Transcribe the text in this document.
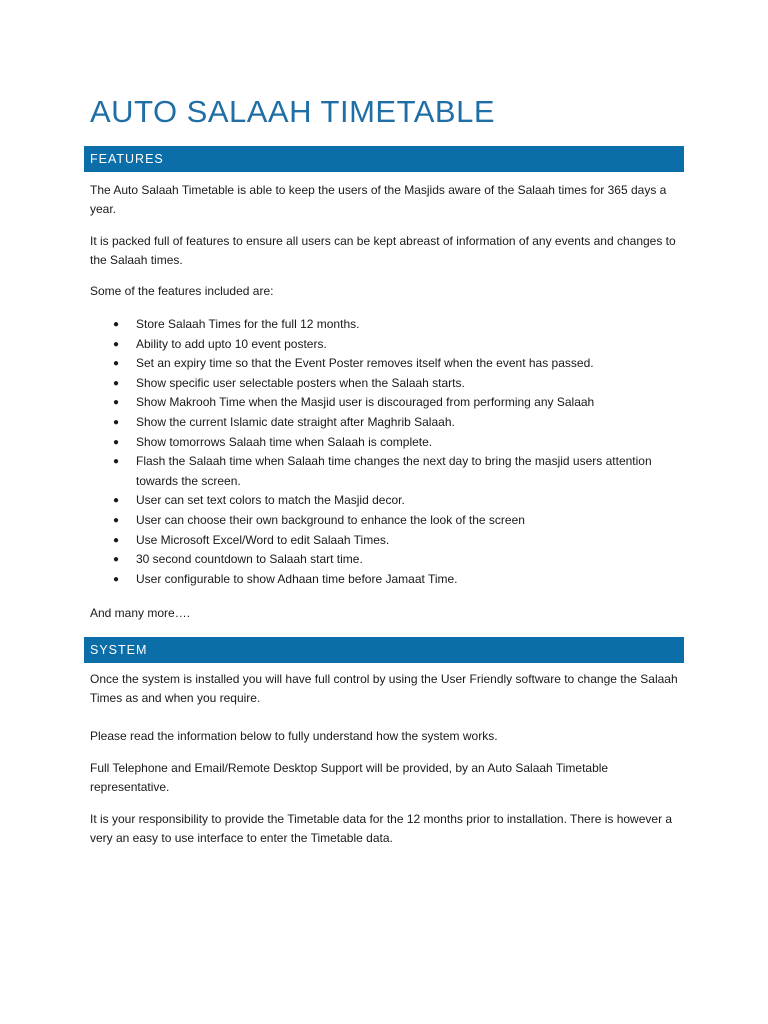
AUTO SALAAH TIMETABLE
FEATURES

The Auto Salaah Timetable is able to keep the users of the Masjids aware of the Salaah times for 365 days a year.

It is packed full of features to ensure all users can be kept abreast of information of any events and changes to the Salaah times.

Some of the features included are:

● Store Salaah Times for the full 12 months.
● Ability to add upto 10 event posters.
● Set an expiry time so that the Event Poster removes itself when the event has passed.
● Show specific user selectable posters when the Salaah starts.
● Show Makrooh Time when the Masjid user is discouraged from performing any Salaah
● Show the current Islamic date straight after Maghrib Salaah.
● Show tomorrows Salaah time when Salaah is complete.
● Flash the Salaah time when Salaah time changes the next day to bring the masjid users attention towards the screen.
● User can set text colors to match the Masjid decor.
● User can choose their own background to enhance the look of the screen
● Use Microsoft Excel/Word to edit Salaah Times.
● 30 second countdown to Salaah start time.
● User configurable to show Adhaan time before Jamaat Time.

And many more….

SYSTEM

Once the system is installed you will have full control by using the User Friendly software to change the Salaah Times as and when you require.

Please read the information below to fully understand how the system works.

Full Telephone and Email/Remote Desktop Support will be provided, by an Auto Salaah Timetable representative.

It is your responsibility to provide the Timetable data for the 12 months prior to installation. There is however a very an easy to use interface to enter the Timetable data.
